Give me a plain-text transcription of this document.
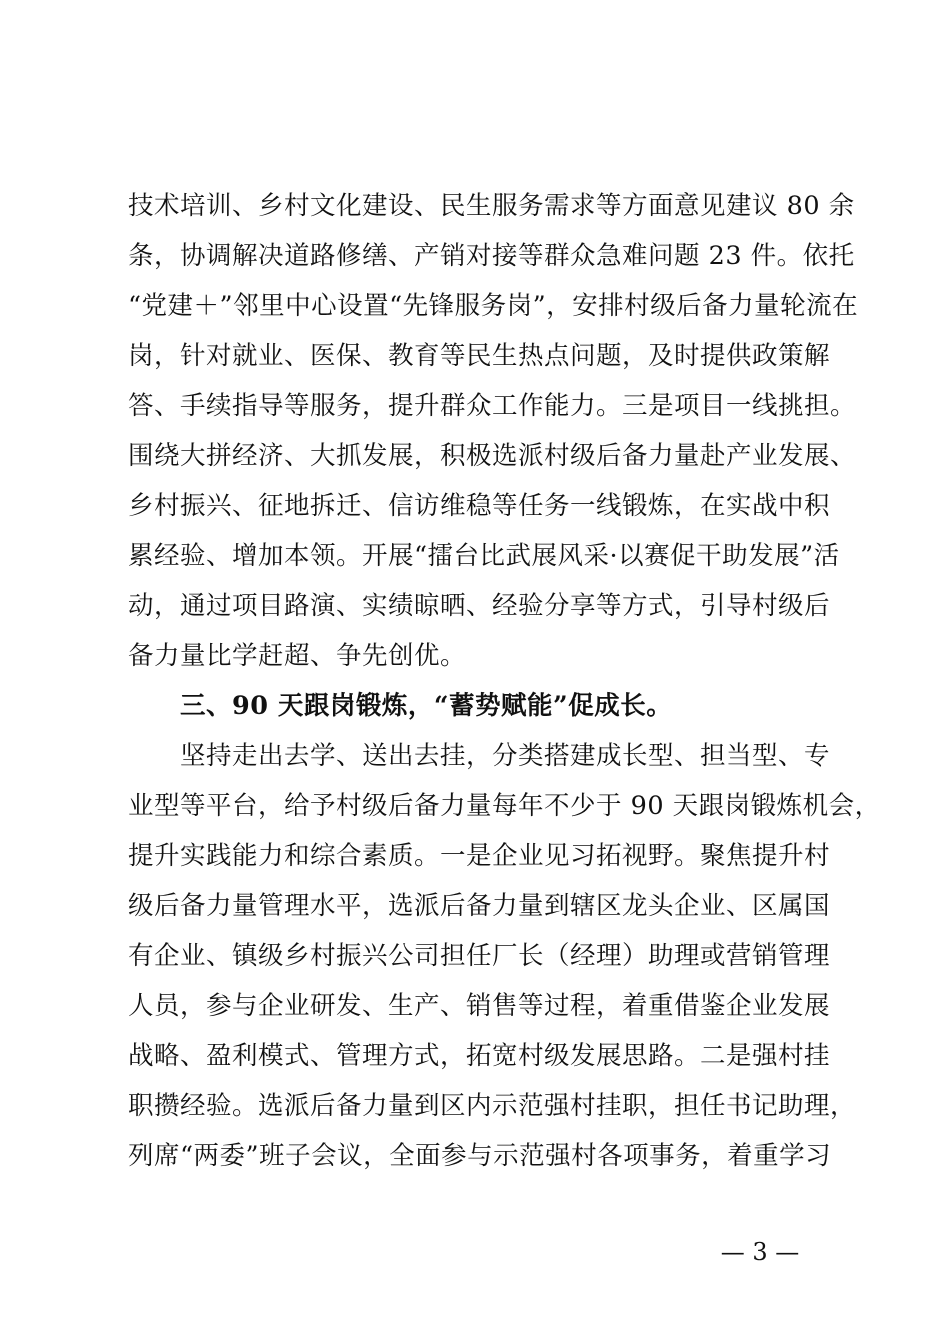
技术培训、乡村文化建设、民生服务需求等方面意见建议 80 余
条，协调解决道路修缮、产销对接等群众急难问题 23 件。依托
“党建＋”邻里中心设置“先锋服务岗”，安排村级后备力量轮流在
岗，针对就业、医保、教育等民生热点问题，及时提供政策解
答、手续指导等服务，提升群众工作能力。三是项目一线挑担。
围绕大拼经济、大抓发展，积极选派村级后备力量赴产业发展、
乡村振兴、征地拆迁、信访维稳等任务一线锻炼，在实战中积
累经验、增加本领。开展“擂台比武展风采·以赛促干助发展”活
动，通过项目路演、实绩晾晒、经验分享等方式，引导村级后
备力量比学赶超、争先创优。
　　三、90 天跟岗锻炼，“蓄势赋能”促成长。
　　坚持走出去学、送出去挂，分类搭建成长型、担当型、专
业型等平台，给予村级后备力量每年不少于 90 天跟岗锻炼机会，
提升实践能力和综合素质。一是企业见习拓视野。聚焦提升村
级后备力量管理水平，选派后备力量到辖区龙头企业、区属国
有企业、镇级乡村振兴公司担任厂长（经理）助理或营销管理
人员，参与企业研发、生产、销售等过程，着重借鉴企业发展
战略、盈利模式、管理方式，拓宽村级发展思路。二是强村挂
职攒经验。选派后备力量到区内示范强村挂职，担任书记助理，
列席“两委”班子会议，全面参与示范强村各项事务，着重学习
— 3 —
